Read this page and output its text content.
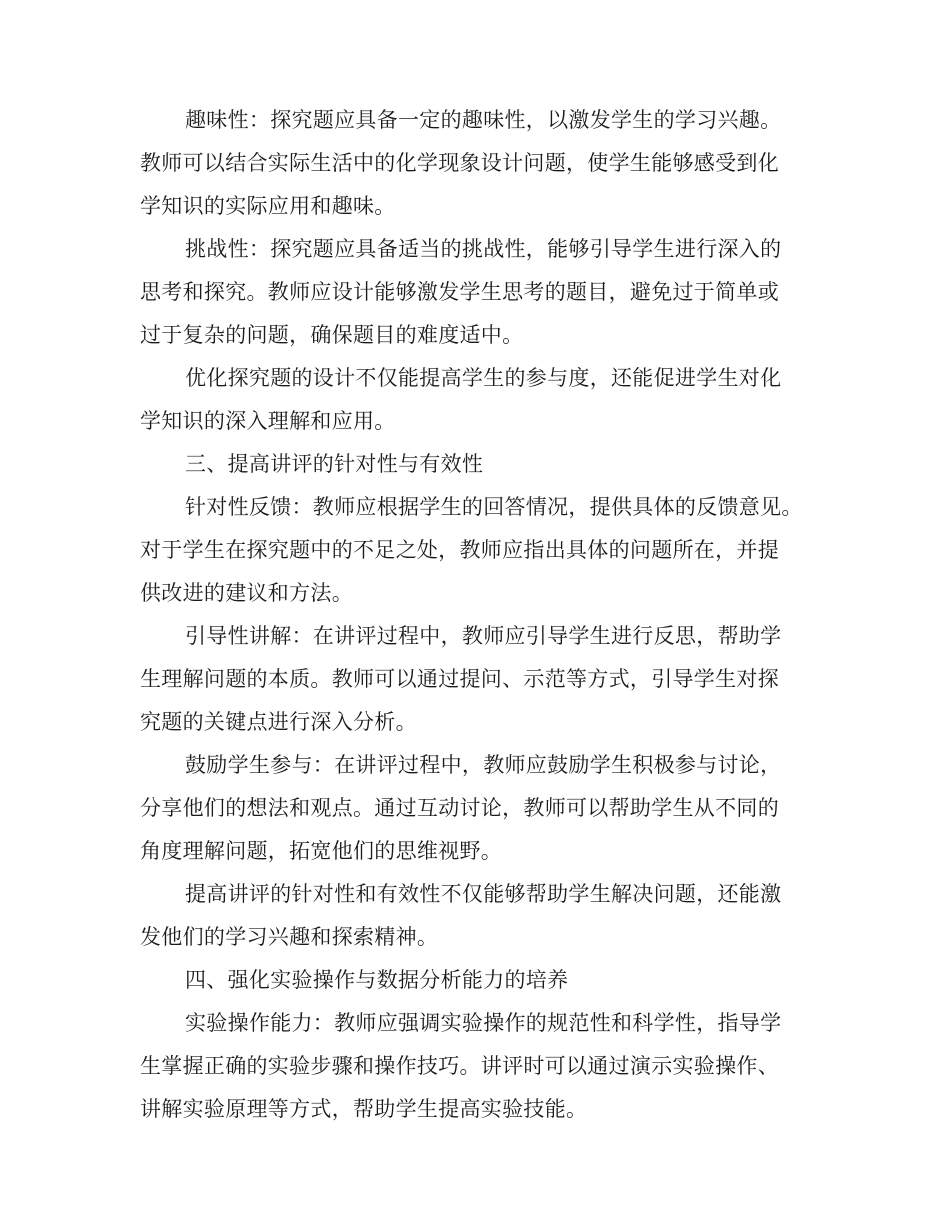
趣味性：探究题应具备一定的趣味性，以激发学生的学习兴趣。
教师可以结合实际生活中的化学现象设计问题，使学生能够感受到化
学知识的实际应用和趣味。
挑战性：探究题应具备适当的挑战性，能够引导学生进行深入的
思考和探究。教师应设计能够激发学生思考的题目，避免过于简单或
过于复杂的问题，确保题目的难度适中。
优化探究题的设计不仅能提高学生的参与度，还能促进学生对化
学知识的深入理解和应用。
三、提高讲评的针对性与有效性
针对性反馈：教师应根据学生的回答情况，提供具体的反馈意见。
对于学生在探究题中的不足之处，教师应指出具体的问题所在，并提
供改进的建议和方法。
引导性讲解：在讲评过程中，教师应引导学生进行反思，帮助学
生理解问题的本质。教师可以通过提问、示范等方式，引导学生对探
究题的关键点进行深入分析。
鼓励学生参与：在讲评过程中，教师应鼓励学生积极参与讨论，
分享他们的想法和观点。通过互动讨论，教师可以帮助学生从不同的
角度理解问题，拓宽他们的思维视野。
提高讲评的针对性和有效性不仅能够帮助学生解决问题，还能激
发他们的学习兴趣和探索精神。
四、强化实验操作与数据分析能力的培养
实验操作能力：教师应强调实验操作的规范性和科学性，指导学
生掌握正确的实验步骤和操作技巧。讲评时可以通过演示实验操作、
讲解实验原理等方式，帮助学生提高实验技能。
